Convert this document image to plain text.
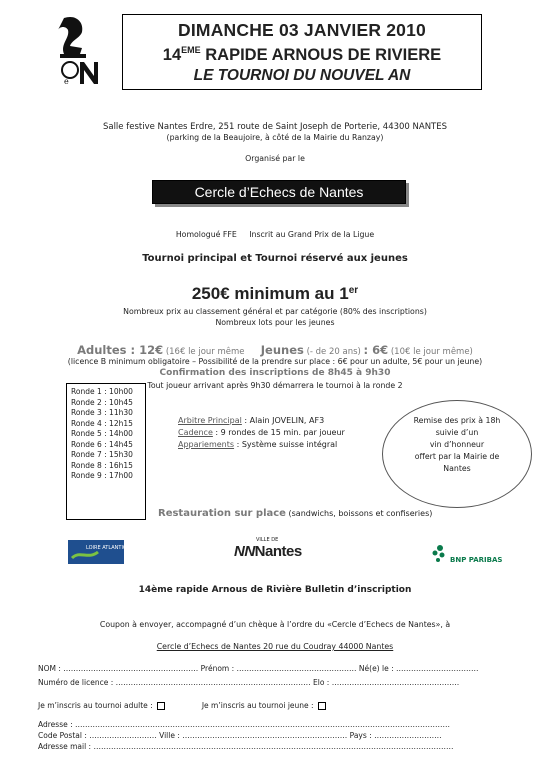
e
DIMANCHE 03 JANVIER 2010
14EME RAPIDE ARNOUS DE RIVIERE
LE TOURNOI DU NOUVEL AN
Salle festive Nantes Erdre, 251 route de Saint Joseph de Porterie, 44300 NANTES
(parking de la Beaujoire, à côté de la Mairie du Ranzay)
Organisé par le
Cercle d’Echecs de Nantes
Homologué FFE     Inscrit au Grand Prix de la Ligue
Tournoi principal et Tournoi réservé aux jeunes
250€ minimum au 1er
Nombreux prix au classement général et par catégorie (80% des inscriptions)
Nombreux lots pour les jeunes
Adultes : 12€ (16€ le jour même Jeunes (- de 20 ans) : 6€ (10€ le jour même)
(licence B minimum obligatoire – Possibilité de la prendre sur place : 6€ pour un adulte, 5€ pour un jeune)
Confirmation des inscriptions de 8h45 à 9h30
Tout joueur arrivant après 9h30 démarrera le tournoi à la ronde 2
Ronde 1 : 10h00
Ronde 2 : 10h45
Ronde 3 : 11h30
Ronde 4 : 12h15
Ronde 5 : 14h00
Ronde 6 : 14h45
Ronde 7 : 15h30
Ronde 8 : 16h15
Ronde 9 : 17h00
Arbitre Principal : Alain JOVELIN, AF3
Cadence : 9 rondes de 15 min. par joueur
Appariements : Système suisse intégral
Remise des prix à 18h
suivie d’un
vin d’honneur
offert par la Mairie de
Nantes
Restauration sur place (sandwichs, boissons et confiseries)
LOIRE ATLANTIQUE
VILLE DE
NNNantes	BNP PARIBAS
14ème rapide Arnous de Rivière Bulletin d’inscription
Coupon à envoyer, accompagné d’un chèque à l’ordre du «Cercle d’Echecs de Nantes», à
Cercle d’Echecs de Nantes 20 rue du Coudray 44000 Nantes
NOM : ……………………………………………… Prénom : ………………………………………… Né(e) le : ……………………………
Numéro de licence : …………………………………………………………………… Elo : ……………………………………………
Je m’inscris au tournoi adulte :	Je m’inscris au tournoi jeune :
Adresse : ……………………………………………………………………………………………………………………………………
Code Postal : ……………………… Ville : ………………………………………………………… Pays : ………………………
Adresse mail : ………………………………………………………………………………………………………………………………
